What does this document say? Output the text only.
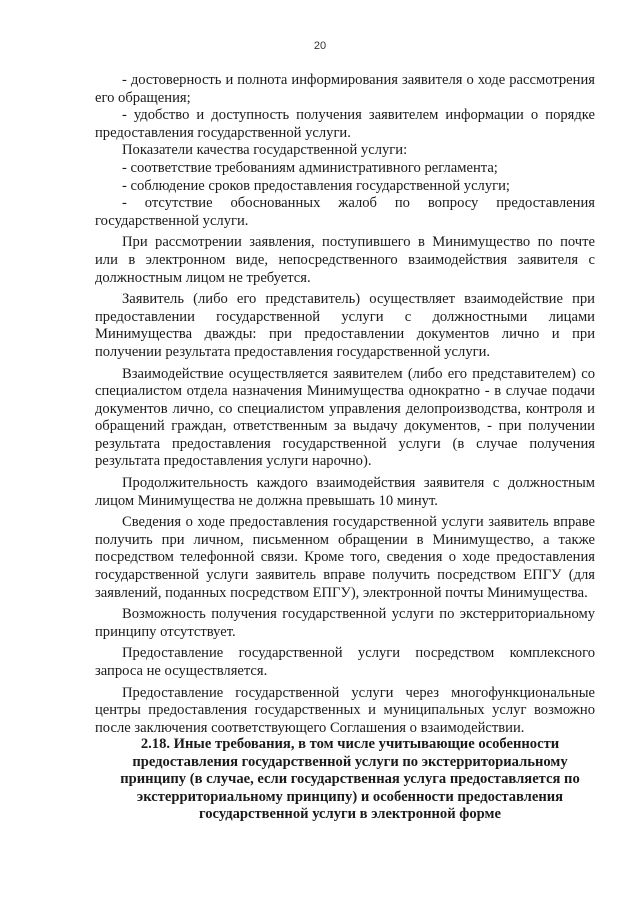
20

- достоверность и полнота информирования заявителя о ходе рассмотрения его обращения;

- удобство и доступность получения заявителем информации о порядке предоставления государственной услуги.

Показатели качества государственной услуги:

- соответствие требованиям административного регламента;

- соблюдение сроков предоставления государственной услуги;

- отсутствие обоснованных жалоб по вопросу предоставления государственной услуги.

При рассмотрении заявления, поступившего в Минимущество по почте или в электронном виде, непосредственного взаимодействия заявителя с должностным лицом не требуется.

Заявитель (либо его представитель) осуществляет взаимодействие при предоставлении государственной услуги с должностными лицами Минимущества дважды: при предоставлении документов лично и при получении результата предоставления государственной услуги.

Взаимодействие осуществляется заявителем (либо его представителем) со специалистом отдела назначения Минимущества однократно - в случае подачи документов лично, со специалистом управления делопроизводства, контроля и обращений граждан, ответственным за выдачу документов, - при получении результата предоставления государственной услуги (в случае получения результата предоставления услуги нарочно).

Продолжительность каждого взаимодействия заявителя с должностным лицом Минимущества не должна превышать 10 минут.

Сведения о ходе предоставления государственной услуги заявитель вправе получить при личном, письменном обращении в Минимущество, а также посредством телефонной связи. Кроме того, сведения о ходе предоставления государственной услуги заявитель вправе получить посредством ЕПГУ (для заявлений, поданных посредством ЕПГУ), электронной почты Минимущества.

Возможность получения государственной услуги по экстерриториальному принципу отсутствует.

Предоставление государственной услуги посредством комплексного запроса не осуществляется.

Предоставление государственной услуги через многофункциональные центры предоставления государственных и муниципальных услуг возможно после заключения соответствующего Соглашения о взаимодействии.

2.18. Иные требования, в том числе учитывающие особенности предоставления государственной услуги по экстерриториальному принципу (в случае, если государственная услуга предоставляется по экстерриториальному принципу) и особенности предоставления государственной услуги в электронной форме
